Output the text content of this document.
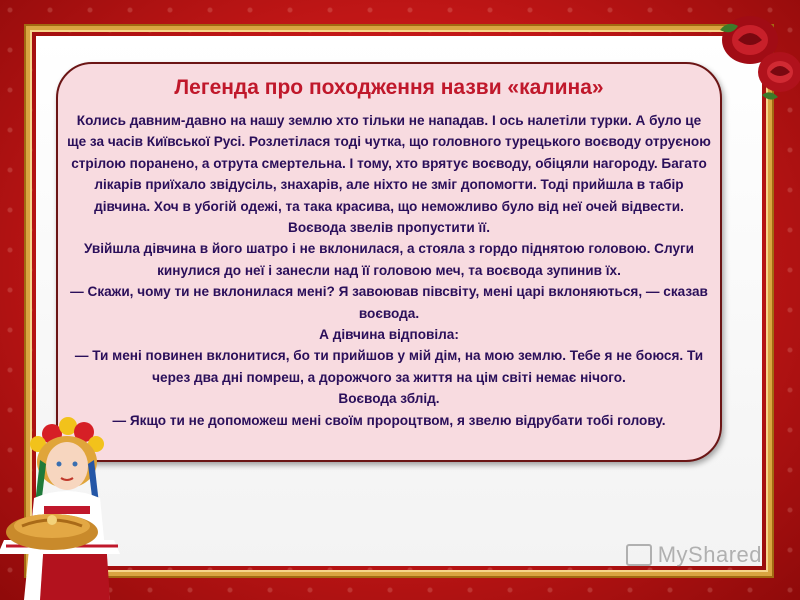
Легенда про походження назви «калина»

Колись давним-давно на нашу землю хто тільки не нападав. І ось налетіли турки. А було це ще за часів Київської Русі. Розлетілася тоді чутка, що головного турецького воєводу отруєною стрілою поранено, а отрута смертельна. І тому, хто врятує воєводу, обіцяли нагороду. Багато лікарів приїхало звідусіль, знахарів, але ніхто не зміг допомогти. Тоді прийшла в табір дівчина. Хоч в убогій одежі, та така красива, що неможливо було від неї очей відвести. Воєвода звелів пропустити її.

Увійшла дівчина в його шатро і не вклонилася, а стояла з гордо піднятою головою. Слуги кинулися до неї і занесли над її головою меч, та воєвода зупинив їх.

— Скажи, чому ти не вклонилася мені? Я завоював півсвіту, мені царі вклоняються, — сказав воєвода.

А дівчина відповіла:

— Ти мені повинен вклонитися, бо ти прийшов у мій дім, на мою землю. Тебе я не боюся. Ти через два дні помреш, а дорожчого за життя на цім світі немає нічого.

Воєвода зблід.

— Якщо ти не допоможеш мені своїм пророцтвом, я звелю відрубати тобі голову.

MyShared
